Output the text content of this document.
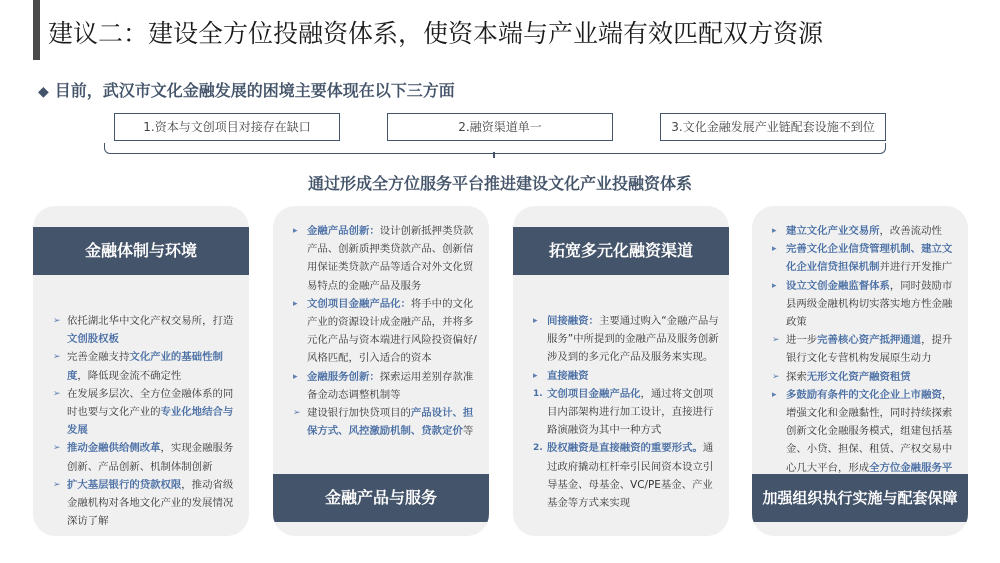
建议二：建设全方位投融资体系，使资本端与产业端有效匹配双方资源
◆ 目前，武汉市文化金融发展的困境主要体现在以下三方面
1.资本与文创项目对接存在缺口	2.融资渠道单一	3.文化金融发展产业链配套设施不到位
通过形成全方位服务平台推进建设文化产业投融资体系
金融体制与环境
➢ 依托湖北华中文化产权交易所，打造文创股权板
➢ 完善金融支持文化产业的基础性制度，降低现金流不确定性
➢ 在发展多层次、全方位金融体系的同时也要与文化产业的专业化地结合与发展
➢ 推动金融供给侧改革，实现金融服务创新、产品创新、机制体制创新
➢ 扩大基层银行的贷款权限，推动省级金融机构对各地文化产业的发展情况深访了解
▸ 金融产品创新：设计创新抵押类贷款产品、创新质押类贷款产品、创新信用保证类贷款产品等适合对外文化贸易特点的金融产品及服务
▸ 文创项目金融产品化：将手中的文化产业的资源设计成金融产品，并将多元化产品与资本端进行风险投资偏好/风格匹配，引入适合的资本
▸ 金融服务创新：探索运用差别存款准备金动态调整机制等
➢ 建设银行加快贷项目的产品设计、担保方式、风控激励机制、贷款定价等
金融产品与服务
拓宽多元化融资渠道
▸ 间接融资：主要通过购入“金融产品与服务”中所提到的金融产品及服务创新涉及到的多元化产品及服务来实现。
▸ 直接融资
1. 文创项目金融产品化，通过将文创项目内部架构进行加工设计，直接进行路演融资为其中一种方式
2. 股权融资是直接融资的重要形式。通过政府撬动杠杆牵引民间资本设立引导基金、母基金、VC/PE基金、产业基金等方式来实现
▸ 建立文化产业交易所，改善流动性
▸ 完善文化企业信贷管理机制、建立文化企业信贷担保机制并进行开发推广
▸ 设立文创金融监督体系，同时鼓励市县两级金融机构切实落实地方性金融政策
➢ 进一步完善核心资产抵押通道，提升银行文化专营机构发展原生动力
➢ 探索无形文化资产融资租赁
▸ 多鼓励有条件的文化企业上市融资，增强文化和金融黏性，同时持续探索创新文化金融服务模式，组建包括基金、小贷、担保、租赁、产权交易中心几大平台，形成全方位金融服务平
加强组织执行实施与配套保障
